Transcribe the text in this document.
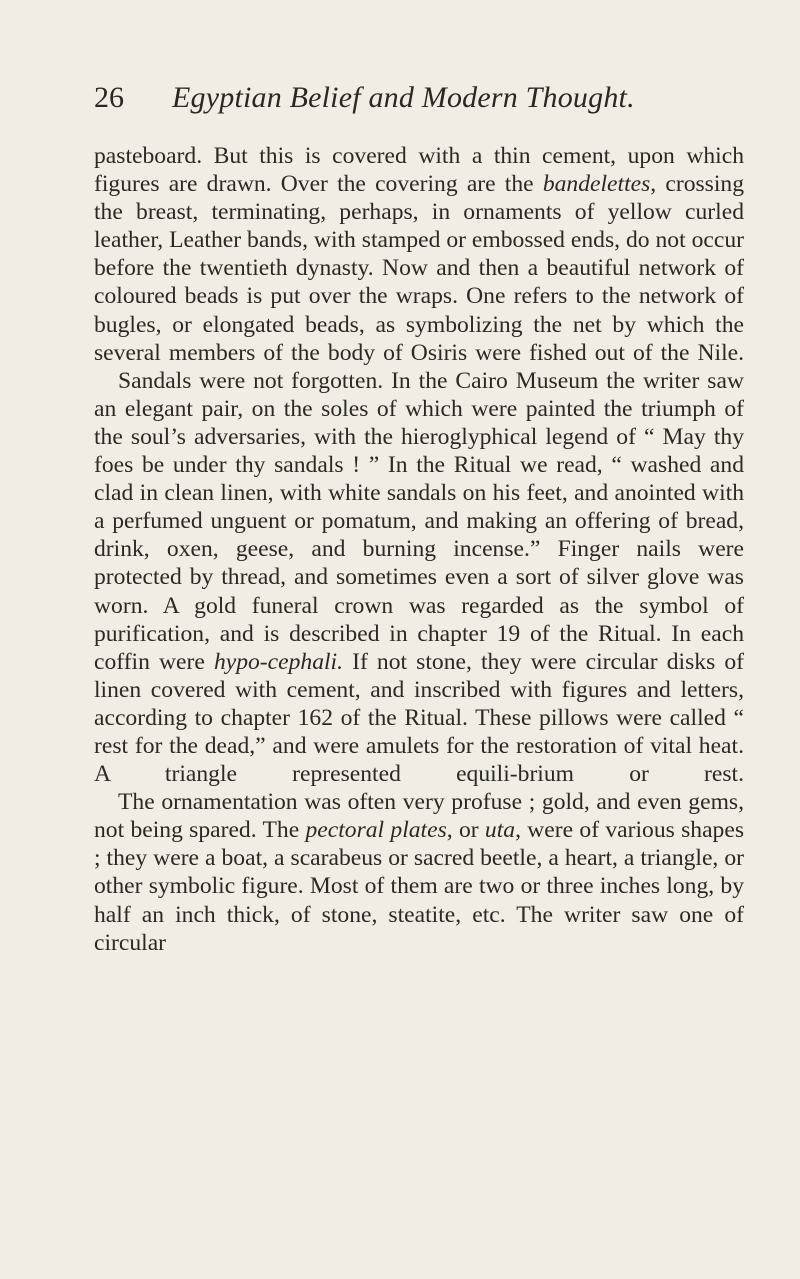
26 Egyptian Belief and Modern Thought.

pasteboard. But this is covered with a thin cement, upon which figures are drawn. Over the covering are the bandelettes, crossing the breast, terminating, perhaps, in ornaments of yellow curled leather, Leather bands, with stamped or embossed ends, do not occur before the twentieth dynasty. Now and then a beautiful network of coloured beads is put over the wraps. One refers to the network of bugles, or elongated beads, as symbolizing the net by which the several members of the body of Osiris were fished out of the Nile.

Sandals were not forgotten. In the Cairo Museum the writer saw an elegant pair, on the soles of which were painted the triumph of the soul’s adversaries, with the hieroglyphical legend of “ May thy foes be under thy sandals ! ” In the Ritual we read, “ washed and clad in clean linen, with white sandals on his feet, and anointed with a perfumed unguent or pomatum, and making an offering of bread, drink, oxen, geese, and burning incense.” Finger nails were protected by thread, and sometimes even a sort of silver glove was worn. A gold funeral crown was regarded as the symbol of purification, and is described in chapter 19 of the Ritual. In each coffin were hypo-cephali. If not stone, they were circular disks of linen covered with cement, and inscribed with figures and letters, according to chapter 162 of the Ritual. These pillows were called “ rest for the dead,” and were amulets for the restoration of vital heat. A triangle represented equili-brium or rest.

The ornamentation was often very profuse ; gold, and even gems, not being spared. The pectoral plates, or uta, were of various shapes ; they were a boat, a scarabeus or sacred beetle, a heart, a triangle, or other symbolic figure. Most of them are two or three inches long, by half an inch thick, of stone, steatite, etc. The writer saw one of circular
